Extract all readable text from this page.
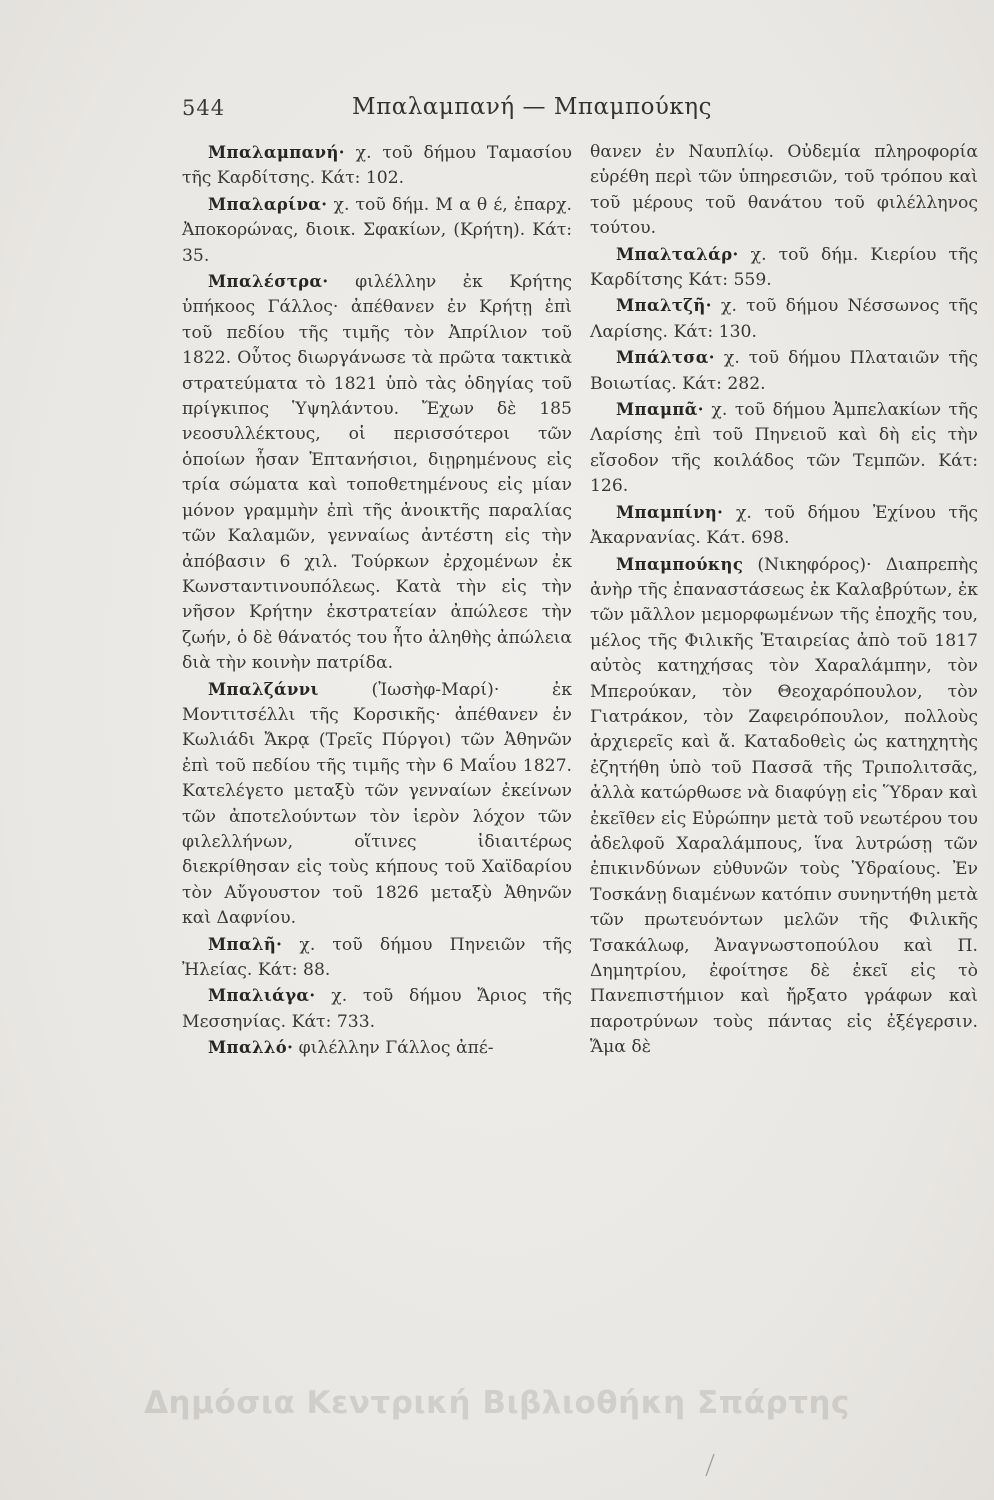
544	Μπαλαμπανή — Μπαμπούκης

Μπαλαμπανή· χ. τοῦ δήμου Ταμασίου τῆς Καρδίτσης. Κάτ: 102.

Μπαλαρίνα· χ. τοῦ δήμ. Μ α θ έ, ἐπαρχ. Ἀποκορώνας, διοικ. Σφακίων, (Κρήτη). Κάτ: 35.

Μπαλέστρα· φιλέλλην ἐκ Κρήτης ὑπήκοος Γάλλος· ἀπέθανεν ἐν Κρήτῃ ἐπὶ τοῦ πεδίου τῆς τιμῆς τὸν Ἀπρίλιον τοῦ 1822. Οὗτος διωργάνωσε τὰ πρῶτα τακτικὰ στρατεύματα τὸ 1821 ὑπὸ τὰς ὁδηγίας τοῦ πρίγκιπος Ὑψηλάντου. Ἔχων δὲ 185 νεοσυλλέκτους, οἱ περισσότεροι τῶν ὁποίων ἦσαν Ἑπτανήσιοι, διῃρημένους εἰς τρία σώματα καὶ τοποθετημένους εἰς μίαν μόνον γραμμὴν ἐπὶ τῆς ἀνοικτῆς παραλίας τῶν Καλαμῶν, γενναίως ἀντέστη εἰς τὴν ἀπόβασιν 6 χιλ. Τούρκων ἐρχομένων ἐκ Κωνσταντινουπόλεως. Κατὰ τὴν εἰς τὴν νῆσον Κρήτην ἐκστρατείαν ἀπώλεσε τὴν ζωήν, ὁ δὲ θάνατός του ἦτο ἀληθὴς ἀπώλεια διὰ τὴν κοινὴν πατρίδα.

Μπαλζάννι (Ἰωσὴφ-Μαρί)· ἐκ Μοντιτσέλλι τῆς Κορσικῆς· ἀπέθανεν ἐν Κωλιάδι Ἄκρᾳ (Τρεῖς Πύργοι) τῶν Ἀθηνῶν ἐπὶ τοῦ πεδίου τῆς τιμῆς τὴν 6 Μαΐου 1827. Κατελέγετο μεταξὺ τῶν γενναίων ἐκείνων τῶν ἀποτελούντων τὸν ἱερὸν λόχον τῶν φιλελλήνων, οἵτινες ἰδιαιτέρως διεκρίθησαν εἰς τοὺς κήπους τοῦ Χαϊδαρίου τὸν Αὔγουστον τοῦ 1826 μεταξὺ Ἀθηνῶν καὶ Δαφνίου.

Μπαλῆ· χ. τοῦ δήμου Πηνειῶν τῆς Ἠλείας. Κάτ: 88.

Μπαλιάγα· χ. τοῦ δήμου Ἄριος τῆς Μεσσηνίας. Κάτ: 733.

Μπαλλό· φιλέλλην Γάλλος ἀπέ-

θανεν ἐν Ναυπλίῳ. Οὐδεμία πληροφορία εὑρέθη περὶ τῶν ὑπηρεσιῶν, τοῦ τρόπου καὶ τοῦ μέρους τοῦ θανάτου τοῦ φιλέλληνος τούτου.

Μπαλταλάρ· χ. τοῦ δήμ. Κιερίου τῆς Καρδίτσης Κάτ: 559.

Μπαλτζῆ· χ. τοῦ δήμου Νέσσωνος τῆς Λαρίσης. Κάτ: 130.

Μπάλτσα· χ. τοῦ δήμου Πλαταιῶν τῆς Βοιωτίας. Κάτ: 282.

Μπαμπᾶ· χ. τοῦ δήμου Ἀμπελακίων τῆς Λαρίσης ἐπὶ τοῦ Πηνειοῦ καὶ δὴ εἰς τὴν εἴσοδον τῆς κοιλάδος τῶν Τεμπῶν. Κάτ: 126.

Μπαμπίνη· χ. τοῦ δήμου Ἐχίνου τῆς Ἀκαρνανίας. Κάτ. 698.

Μπαμπούκης (Νικηφόρος)· Διαπρεπὴς ἀνὴρ τῆς ἐπαναστάσεως ἐκ Καλαβρύτων, ἐκ τῶν μᾶλλον μεμορφωμένων τῆς ἐποχῆς του, μέλος τῆς Φιλικῆς Ἑταιρείας ἀπὸ τοῦ 1817 αὐτὸς κατηχήσας τὸν Χαραλάμπην, τὸν Μπερούκαν, τὸν Θεοχαρόπουλον, τὸν Γιατράκον, τὸν Ζαφειρόπουλον, πολλοὺς ἀρχιερεῖς καὶ ἄ. Καταδοθεὶς ὡς κατηχητὴς ἐζητήθη ὑπὸ τοῦ Πασσᾶ τῆς Τριπολιτσᾶς, ἀλλὰ κατώρθωσε νὰ διαφύγῃ εἰς Ὕδραν καὶ ἐκεῖθεν εἰς Εὐρώπην μετὰ τοῦ νεωτέρου του ἀδελφοῦ Χαραλάμπους, ἵνα λυτρώσῃ τῶν ἐπικινδύνων εὐθυνῶν τοὺς Ὑδραίους. Ἐν Τοσκάνῃ διαμένων κατόπιν συνηντήθη μετὰ τῶν πρωτευόντων μελῶν τῆς Φιλικῆς Τσακάλωφ, Ἀναγνωστοπούλου καὶ Π. Δημητρίου, ἐφοίτησε δὲ ἐκεῖ εἰς τὸ Πανεπιστήμιον καὶ ἤρξατο γράφων καὶ παροτρύνων τοὺς πάντας εἰς ἐξέγερσιν. Ἅμα δὲ

Δημόσια Κεντρική Βιβλιοθήκη Σπάρτης
